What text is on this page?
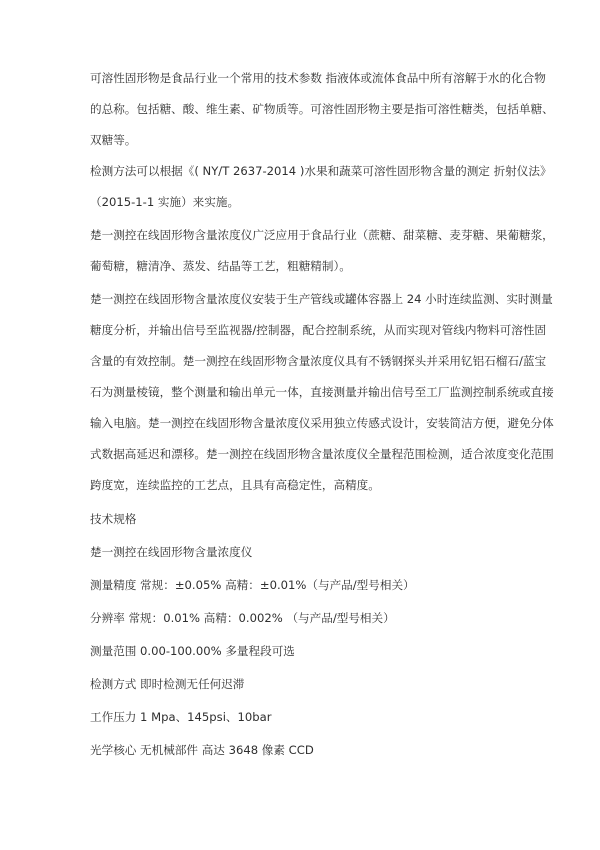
可溶性固形物是食品行业一个常用的技术参数 指液体或流体食品中所有溶解于水的化合物
的总称。包括糖、酸、维生素、矿物质等。可溶性固形物主要是指可溶性糖类，包括单糖、
双糖等。
检测方法可以根据《( NY/T 2637-2014 )水果和蔬菜可溶性固形物含量的测定 折射仪法》
（2015-1-1 实施）来实施。
楚一测控在线固形物含量浓度仪广泛应用于食品行业（蔗糖、甜菜糖、麦芽糖、果葡糖浆，
葡萄糖，糖清净、蒸发、结晶等工艺，粗糖精制）。
楚一测控在线固形物含量浓度仪安装于生产管线或罐体容器上 24 小时连续监测、实时测量
糖度分析，并输出信号至监视器/控制器，配合控制系统，从而实现对管线内物料可溶性固
含量的有效控制。楚一测控在线固形物含量浓度仪具有不锈钢探头并采用钇铝石榴石/蓝宝
石为测量棱镜，整个测量和输出单元一体，直接测量并输出信号至工厂监测控制系统或直接
输入电脑。楚一测控在线固形物含量浓度仪采用独立传感式设计，安装简洁方便，避免分体
式数据高延迟和漂移。楚一测控在线固形物含量浓度仪全量程范围检测，适合浓度变化范围
跨度宽，连续监控的工艺点，且具有高稳定性，高精度。
技术规格
楚一测控在线固形物含量浓度仪
测量精度 常规：±0.05% 高精：±0.01%（与产品/型号相关）
分辨率 常规：0.01% 高精：0.002% （与产品/型号相关）
测量范围 0.00-100.00% 多量程段可选
检测方式 即时检测无任何迟滞
工作压力 1 Mpa、145psi、10bar
光学核心 无机械部件 高达 3648 像素 CCD
